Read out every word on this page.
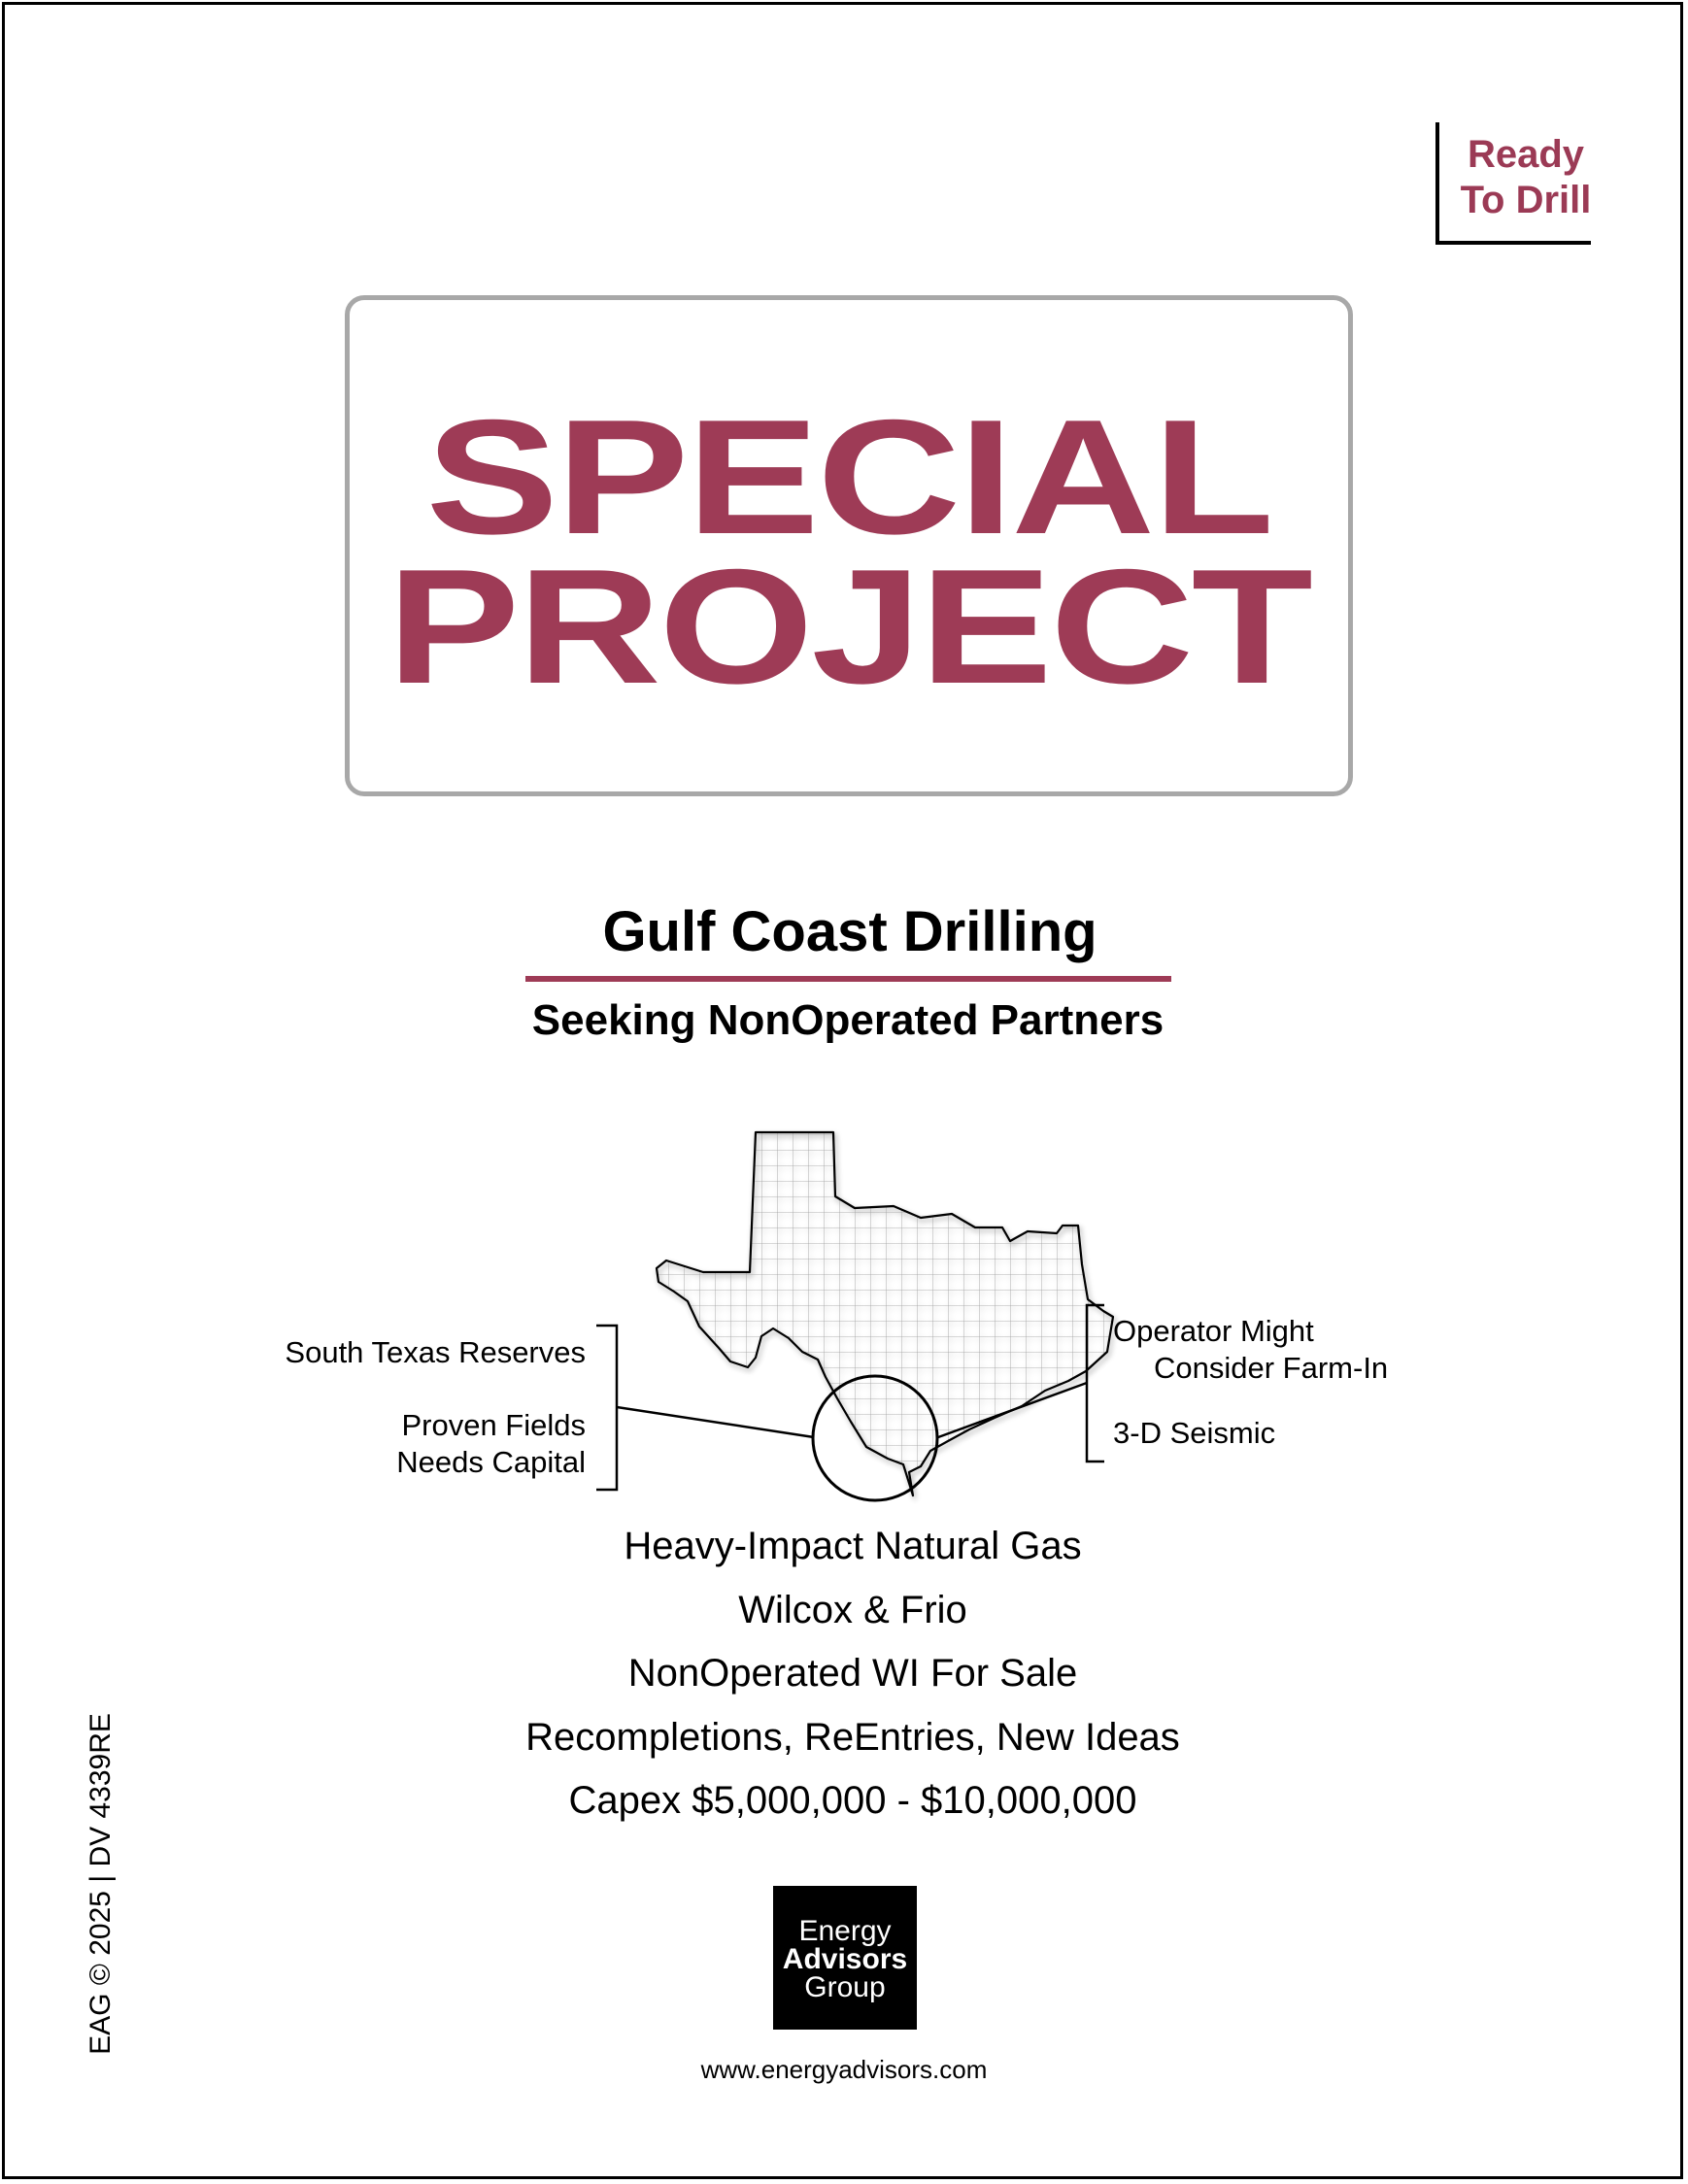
Ready
To Drill
SPECIAL
PROJECT
Gulf Coast Drilling
Seeking NonOperated Partners
South Texas Reserves
Proven Fields
Needs Capital
Operator Might
Consider Farm-In
3-D Seismic
Heavy-Impact Natural Gas
Wilcox & Frio
NonOperated WI For Sale
Recompletions, ReEntries, New Ideas
Capex $5,000,000 - $10,000,000
Energy
Advisors
Group
www.energyadvisors.com
EAG © 2025 | DV 4339RE
